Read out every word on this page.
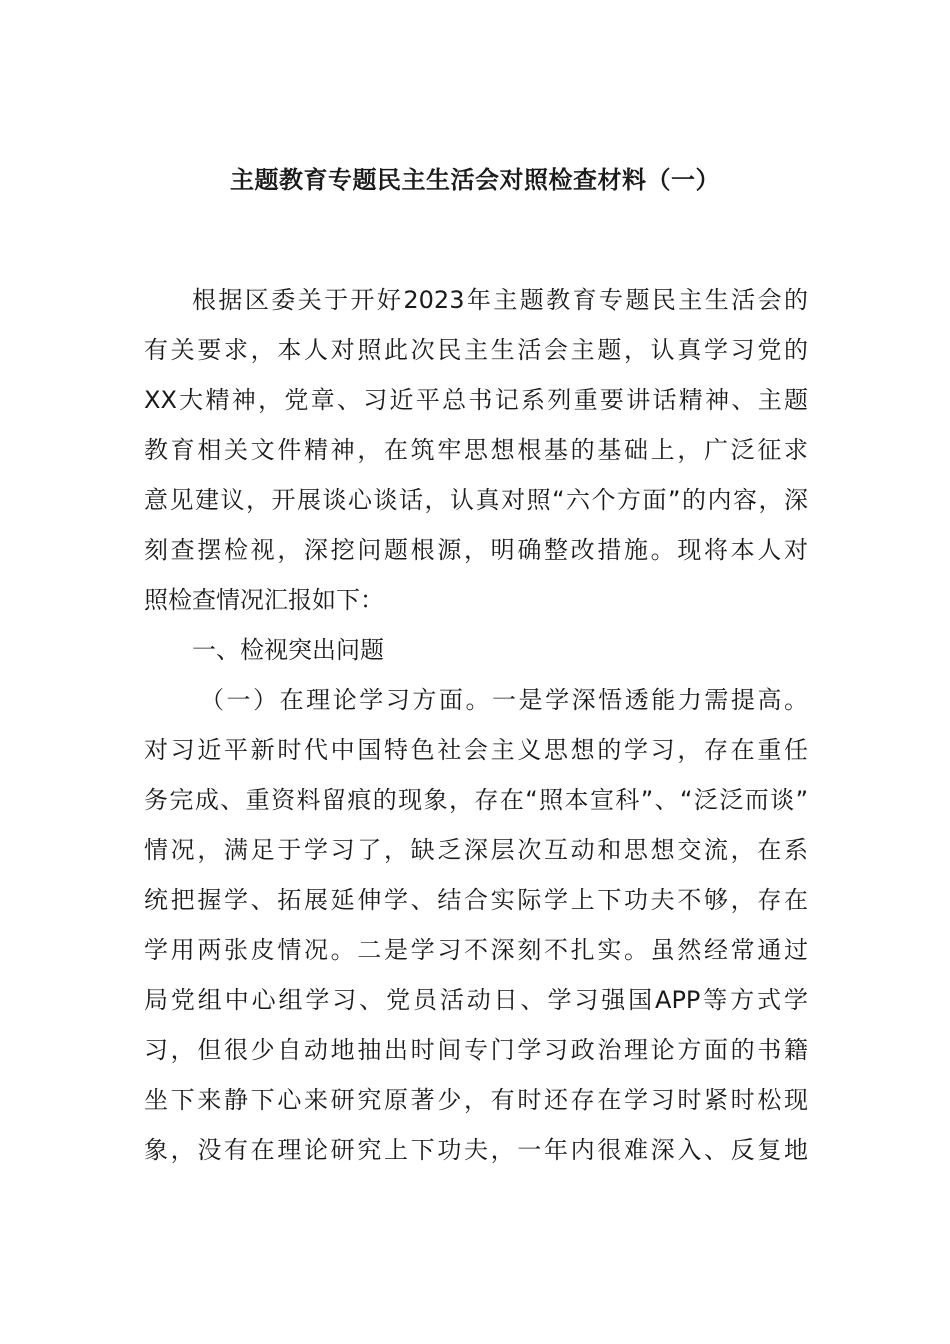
主题教育专题民主生活会对照检查材料（一）
根据区委关于开好2023年主题教育专题民主生活会的
有关要求，本人对照此次民主生活会主题，认真学习党的
XX大精神，党章、习近平总书记系列重要讲话精神、主题
教育相关文件精神，在筑牢思想根基的基础上，广泛征求
意见建议，开展谈心谈话，认真对照“六个方面”的内容，深
刻查摆检视，深挖问题根源，明确整改措施。现将本人对
照检查情况汇报如下：
一、检视突出问题
（一）在理论学习方面。一是学深悟透能力需提高。
对习近平新时代中国特色社会主义思想的学习，存在重任
务完成、重资料留痕的现象，存在“照本宣科”、“泛泛而谈”
情况，满足于学习了，缺乏深层次互动和思想交流，在系
统把握学、拓展延伸学、结合实际学上下功夫不够，存在
学用两张皮情况。二是学习不深刻不扎实。虽然经常通过
局党组中心组学习、党员活动日、学习强国APP等方式学
习，但很少自动地抽出时间专门学习政治理论方面的书籍
坐下来静下心来研究原著少，有时还存在学习时紧时松现
象，没有在理论研究上下功夫，一年内很难深入、反复地
